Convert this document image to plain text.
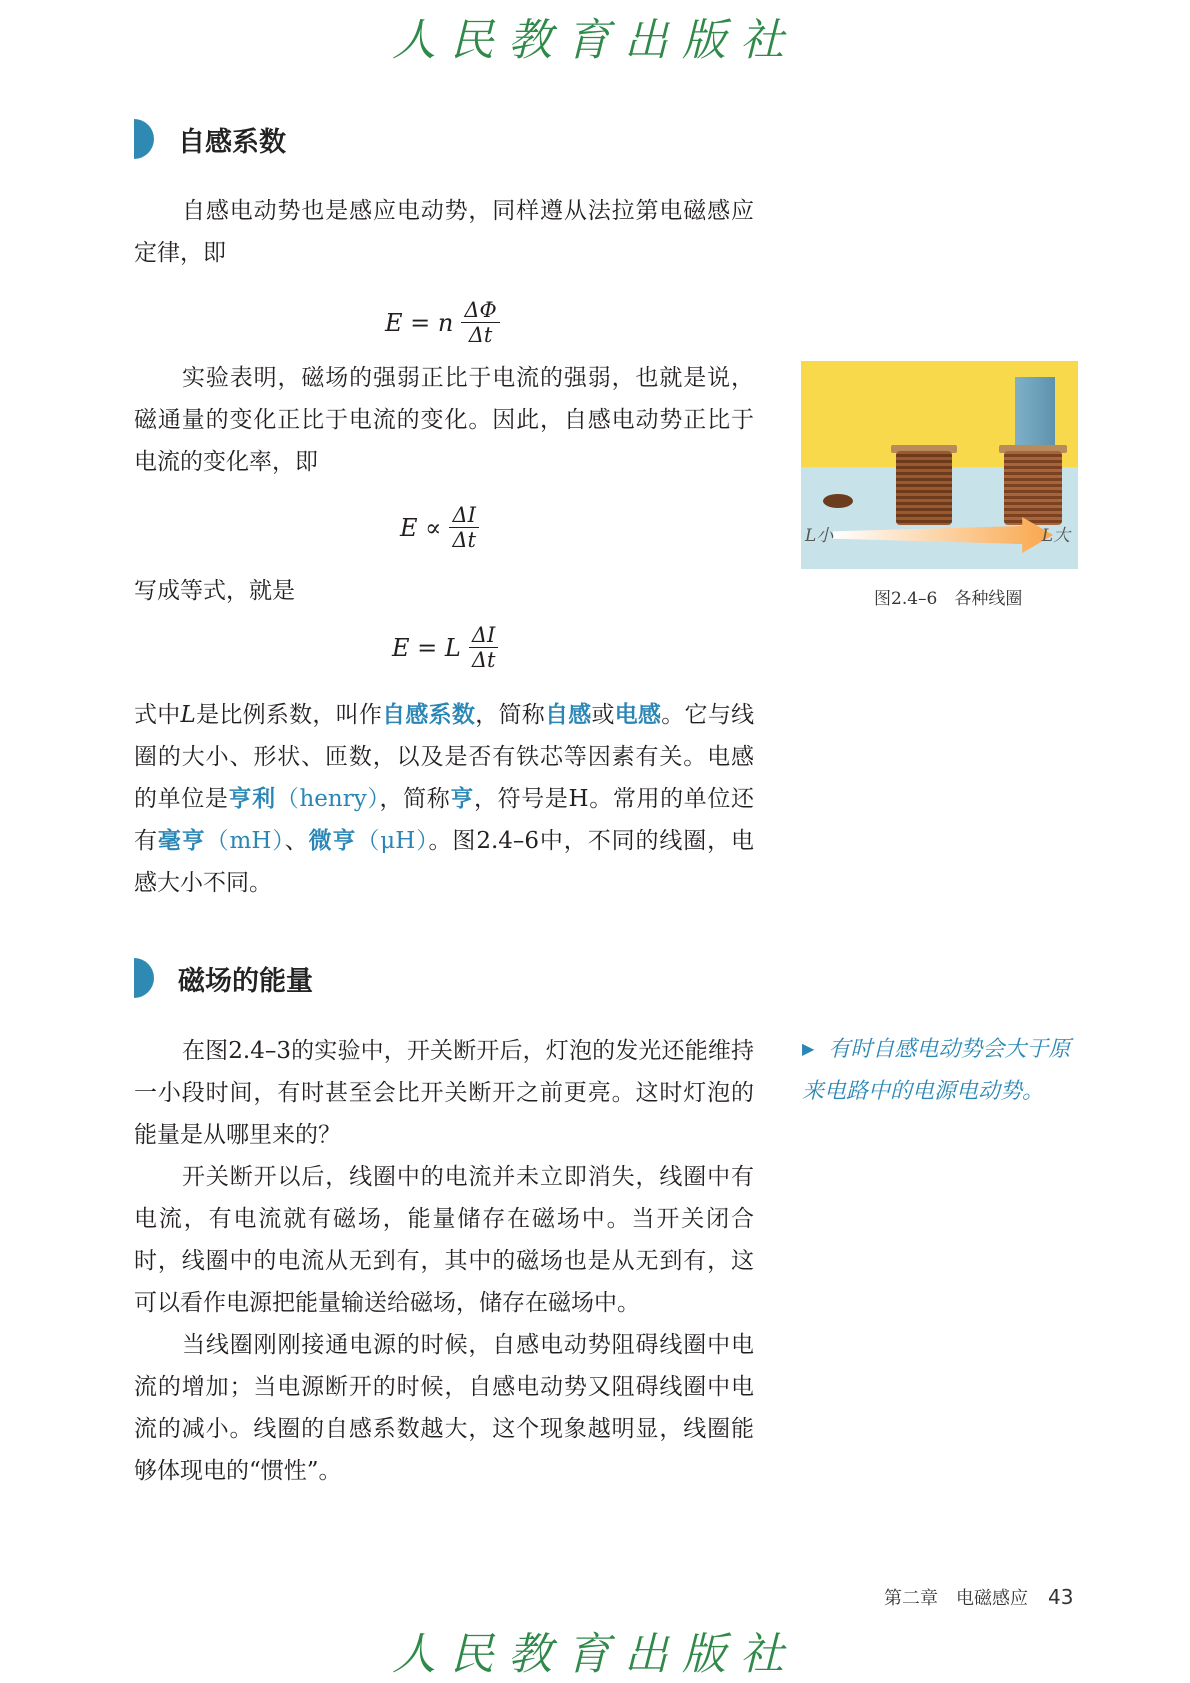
人民教育出版社
自感系数

自感电动势也是感应电动势，同样遵从法拉第电磁感应定律，即

E = n $\frac{\Delta\Phi}{\Delta t}$

实验表明，磁场的强弱正比于电流的强弱，也就是说，磁通量的变化正比于电流的变化。因此，自感电动势正比于电流的变化率，即

$E \propto \frac{\Delta I}{\Delta t}$

写成等式，就是

E = L $\frac{\Delta I}{\Delta t}$

式中L是比例系数，叫作自感系数，简称自感或电感。它与线圈的大小、形状、匝数，以及是否有铁芯等因素有关。电感的单位是亨利（henry），简称亨，符号是H。常用的单位还有毫亨（mH）、微亨（μH）。图2.4–6中，不同的线圈，电感大小不同。

L小	L大
图2.4–6　各种线圈
磁场的能量

在图2.4–3的实验中，开关断开后，灯泡的发光还能维持一小段时间，有时甚至会比开关断开之前更亮。这时灯泡的能量是从哪里来的？

开关断开以后，线圈中的电流并未立即消失，线圈中有电流，有电流就有磁场，能量储存在磁场中。当开关闭合时，线圈中的电流从无到有，其中的磁场也是从无到有，这可以看作电源把能量输送给磁场，储存在磁场中。

当线圈刚刚接通电源的时候，自感电动势阻碍线圈中电流的增加；当电源断开的时候，自感电动势又阻碍线圈中电流的减小。线圈的自感系数越大，这个现象越明显，线圈能够体现电的“惯性”。

▶ 有时自感电动势会大于原来电路中的电源电动势。
第二章　电磁感应 43
人民教育出版社
